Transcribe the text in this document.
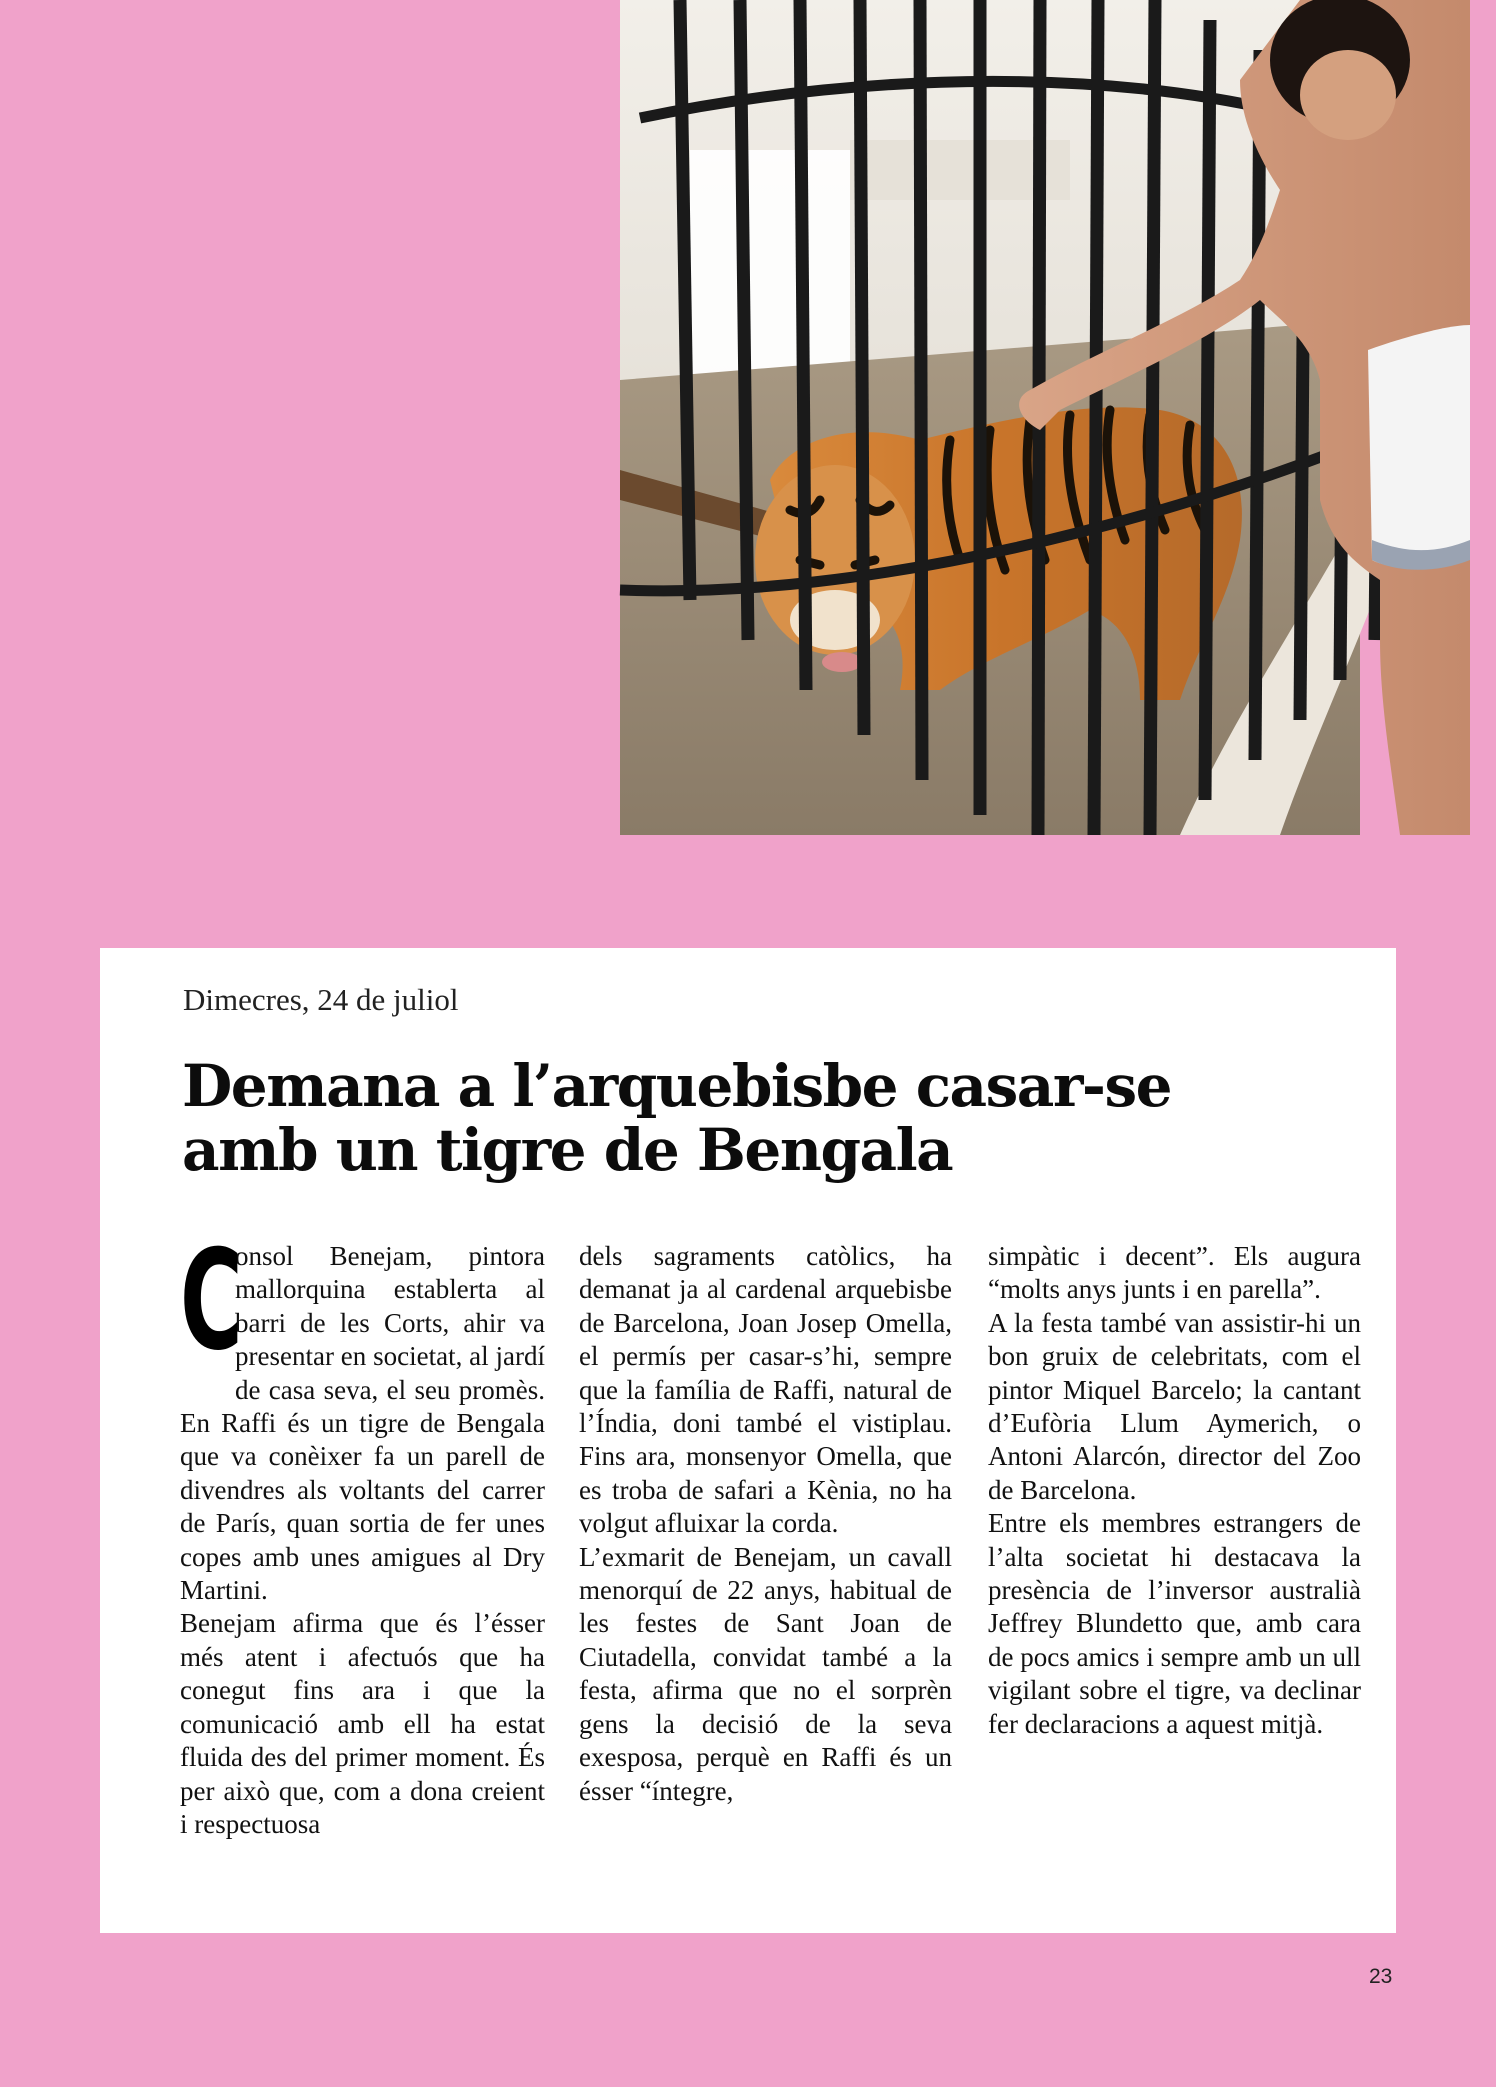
Dimecres, 24 de juliol
Demana a l’arquebisbe casar-se amb un tigre de Bengala

C
onsol Benejam, pintora mallorquina establerta al barri de les Corts, ahir va presentar en societat, al jardí de casa seva, el seu promès. En Raffi és un tigre de Bengala que va conèixer fa un parell de divendres als voltants del carrer de París, quan sortia de fer unes copes amb unes amigues al Dry Martini.

Benejam afirma que és l’ésser més atent i afectuós que ha conegut fins ara i que la comunicació amb ell ha estat fluida des del primer moment. És per això que, com a dona creient i respectuosa

dels sagraments catòlics, ha demanat ja al cardenal arquebisbe de Barcelona, Joan Josep Omella, el permís per casar-s’hi, sempre que la família de Raffi, natural de l’Índia, doni també el vistiplau. Fins ara, monsenyor Omella, que es troba de safari a Kènia, no ha volgut afluixar la corda.

L’exmarit de Benejam, un cavall menorquí de 22 anys, habitual de les festes de Sant Joan de Ciutadella, convidat també a la festa, afirma que no el sorprèn gens la decisió de la seva exesposa, perquè en Raffi és un ésser “íntegre,

simpàtic i decent”. Els augura “molts anys junts i en parella”.

A la festa també van assistir-hi un bon gruix de celebritats, com el pintor Miquel Barcelo; la cantant d’Eufòria Llum Aymerich, o Antoni Alarcón, director del Zoo de Barcelona.

Entre els membres estrangers de l’alta societat hi destacava la presència de l’inversor australià Jeffrey Blundetto que, amb cara de pocs amics i sempre amb un ull vigilant sobre el tigre, va declinar fer declaracions a aquest mitjà.

23
